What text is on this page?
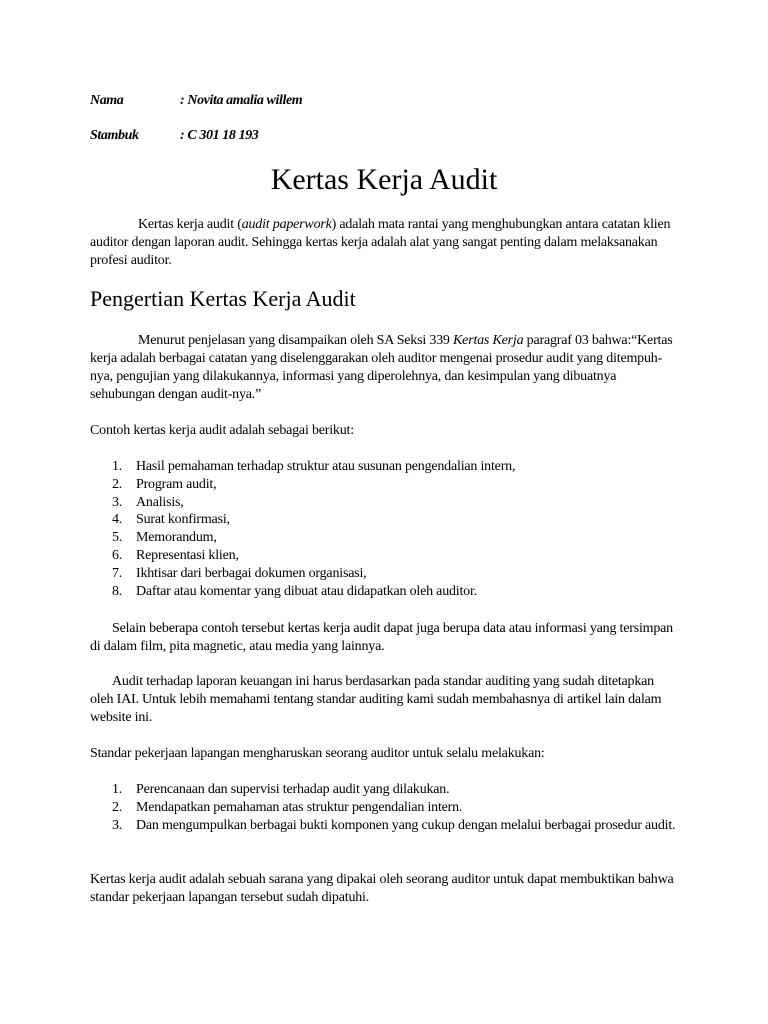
Nama	: Novita amalia willem
Stambuk	: C 301 18 193
Kertas Kerja Audit

Kertas kerja audit (audit paperwork) adalah mata rantai yang menghubungkan antara catatan klien auditor dengan laporan audit. Sehingga kertas kerja adalah alat yang sangat penting dalam melaksanakan profesi auditor.

Pengertian Kertas Kerja Audit

Menurut penjelasan yang disampaikan oleh SA Seksi 339 Kertas Kerja paragraf 03 bahwa:“Kertas kerja adalah berbagai catatan yang diselenggarakan oleh auditor mengenai prosedur audit yang ditempuh-nya, pengujian yang dilakukannya, informasi yang diperolehnya, dan kesimpulan yang dibuatnya sehubungan dengan audit-nya.”

Contoh kertas kerja audit adalah sebagai berikut:

1. Hasil pemahaman terhadap struktur atau susunan pengendalian intern,
2. Program audit,
3. Analisis,
4. Surat konfirmasi,
5. Memorandum,
6. Representasi klien,
7. Ikhtisar dari berbagai dokumen organisasi,
8. Daftar atau komentar yang dibuat atau didapatkan oleh auditor.

Selain beberapa contoh tersebut kertas kerja audit dapat juga berupa data atau informasi yang tersimpan di dalam film, pita magnetic, atau media yang lainnya.

Audit terhadap laporan keuangan ini harus berdasarkan pada standar auditing yang sudah ditetapkan oleh IAI. Untuk lebih memahami tentang standar auditing kami sudah membahasnya di artikel lain dalam website ini.

Standar pekerjaan lapangan mengharuskan seorang auditor untuk selalu melakukan:

1. Perencanaan dan supervisi terhadap audit yang dilakukan.
2. Mendapatkan pemahaman atas struktur pengendalian intern.
3. Dan mengumpulkan berbagai bukti komponen yang cukup dengan melalui berbagai prosedur audit.

Kertas kerja audit adalah sebuah sarana yang dipakai oleh seorang auditor untuk dapat membuktikan bahwa standar pekerjaan lapangan tersebut sudah dipatuhi.
